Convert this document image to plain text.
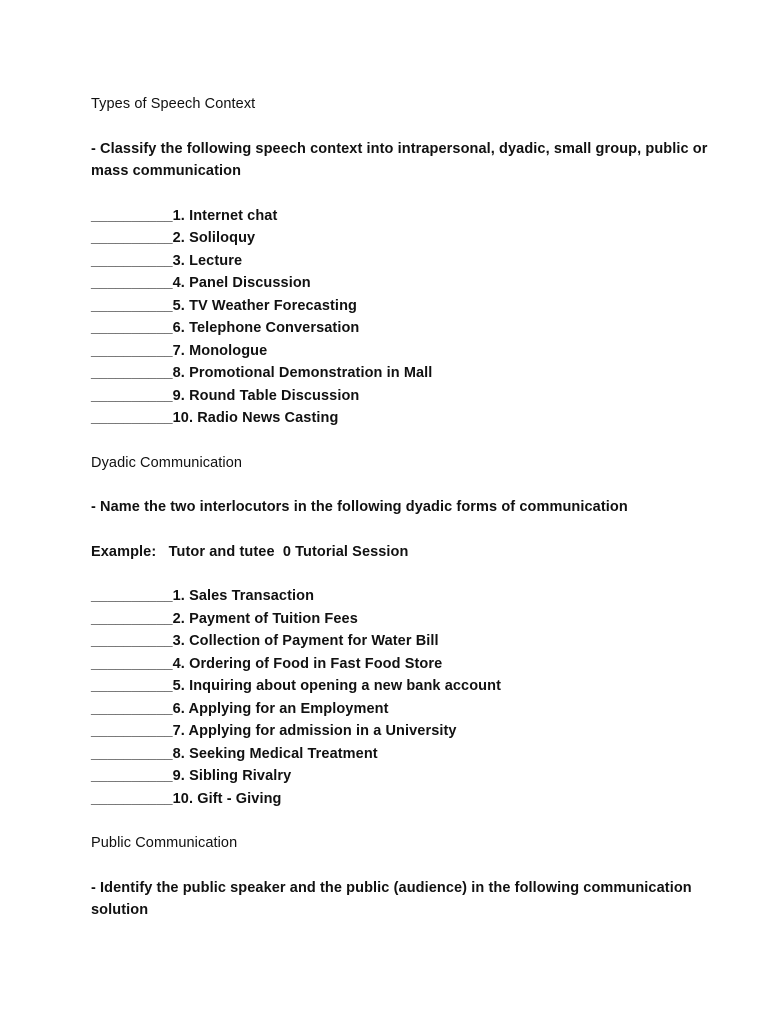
Types of Speech Context

- Classify the following speech context into intrapersonal, dyadic, small group, public or mass communication

__________1. Internet chat

__________2. Soliloquy

__________3. Lecture

__________4. Panel Discussion

__________5. TV Weather Forecasting

__________6. Telephone Conversation

__________7. Monologue

__________8. Promotional Demonstration in Mall

__________9. Round Table Discussion

__________10. Radio News Casting

Dyadic Communication

- Name the two interlocutors in the following dyadic forms of communication

Example:   Tutor and tutee  0 Tutorial Session

__________1. Sales Transaction

__________2. Payment of Tuition Fees

__________3. Collection of Payment for Water Bill

__________4. Ordering of Food in Fast Food Store

__________5. Inquiring about opening a new bank account

__________6. Applying for an Employment

__________7. Applying for admission in a University

__________8. Seeking Medical Treatment

__________9. Sibling Rivalry

__________10. Gift - Giving

Public Communication

- Identify the public speaker and the public (audience) in the following communication solution
